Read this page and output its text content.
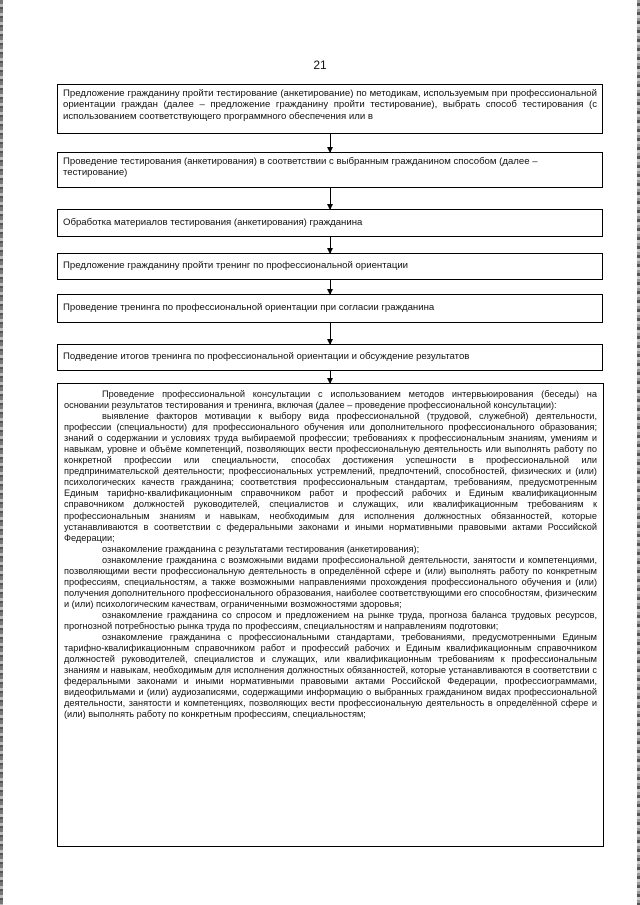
21
Предложение гражданину пройти тестирование (анкетирование) по методикам, используемым при профессиональной ориентации граждан (далее – предложение гражданину пройти тестирование), выбрать способ тестирования (с использованием соответствующего программного обеспечения или в
Проведение тестирования (анкетирования) в соответствии с выбранным гражданином способом (далее – тестирование)
Обработка материалов тестирования (анкетирования) гражданина
Предложение гражданину пройти тренинг по профессиональной ориентации
Проведение тренинга по профессиональной ориентации при согласии гражданина
Подведение итогов тренинга по профессиональной ориентации и обсуждение результатов

Проведение профессиональной консультации с использованием методов интервьюирования (беседы) на основании результатов тестирования и тренинга, включая (далее – проведение профессиональной консультации):

выявление факторов мотивации к выбору вида профессиональной (трудовой, служебной) деятельности, профессии (специальности) для профессионального обучения или дополнительного профессионального образования; знаний о содержании и условиях труда выбираемой профессии; требованиях к профессиональным знаниям, умениям и навыкам, уровне и объёме компетенций, позволяющих вести профессиональную деятельность или выполнять работу по конкретной профессии или специальности, способах достижения успешности в профессиональной или предпринимательской деятельности; профессиональных устремлений, предпочтений, способностей, физических и (или) психологических качеств гражданина; соответствия профессиональным стандартам, требованиям, предусмотренным Единым тарифно-квалификационным справочником работ и профессий рабочих и Единым квалификационным справочником должностей руководителей, специалистов и служащих, или квалификационным требованиям к профессиональным знаниям и навыкам, необходимым для исполнения должностных обязанностей, которые устанавливаются в соответствии с федеральными законами и иными нормативными правовыми актами Российской Федерации;

ознакомление гражданина с результатами тестирования (анкетирования);

ознакомление гражданина с возможными видами профессиональной деятельности, занятости и компетенциями, позволяющими вести профессиональную деятельность в определённой сфере и (или) выполнять работу по конкретным профессиям, специальностям, а также возможными направлениями прохождения профессионального обучения и (или) получения дополнительного профессионального образования, наиболее соответствующими его способностям, физическим и (или) психологическим качествам, ограниченными возможностями здоровья;

ознакомление гражданина со спросом и предложением на рынке труда, прогноза баланса трудовых ресурсов, прогнозной потребностью рынка труда по профессиям, специальностям и направлениям подготовки;

ознакомление гражданина с профессиональными стандартами, требованиями, предусмотренными Единым тарифно-квалификационным справочником работ и профессий рабочих и Единым квалификационным справочником должностей руководителей, специалистов и служащих, или квалификационным требованиям к профессиональным знаниям и навыкам, необходимым для исполнения должностных обязанностей, которые устанавливаются в соответствии с федеральными законами и иными нормативными правовыми актами Российской Федерации, профессиограммами, видеофильмами и (или) аудиозаписями, содержащими информацию о выбранных гражданином видах профессиональной деятельности, занятости и компетенциях, позволяющих вести профессиональную деятельность в определённой сфере и (или) выполнять работу по конкретным профессиям, специальностям;
